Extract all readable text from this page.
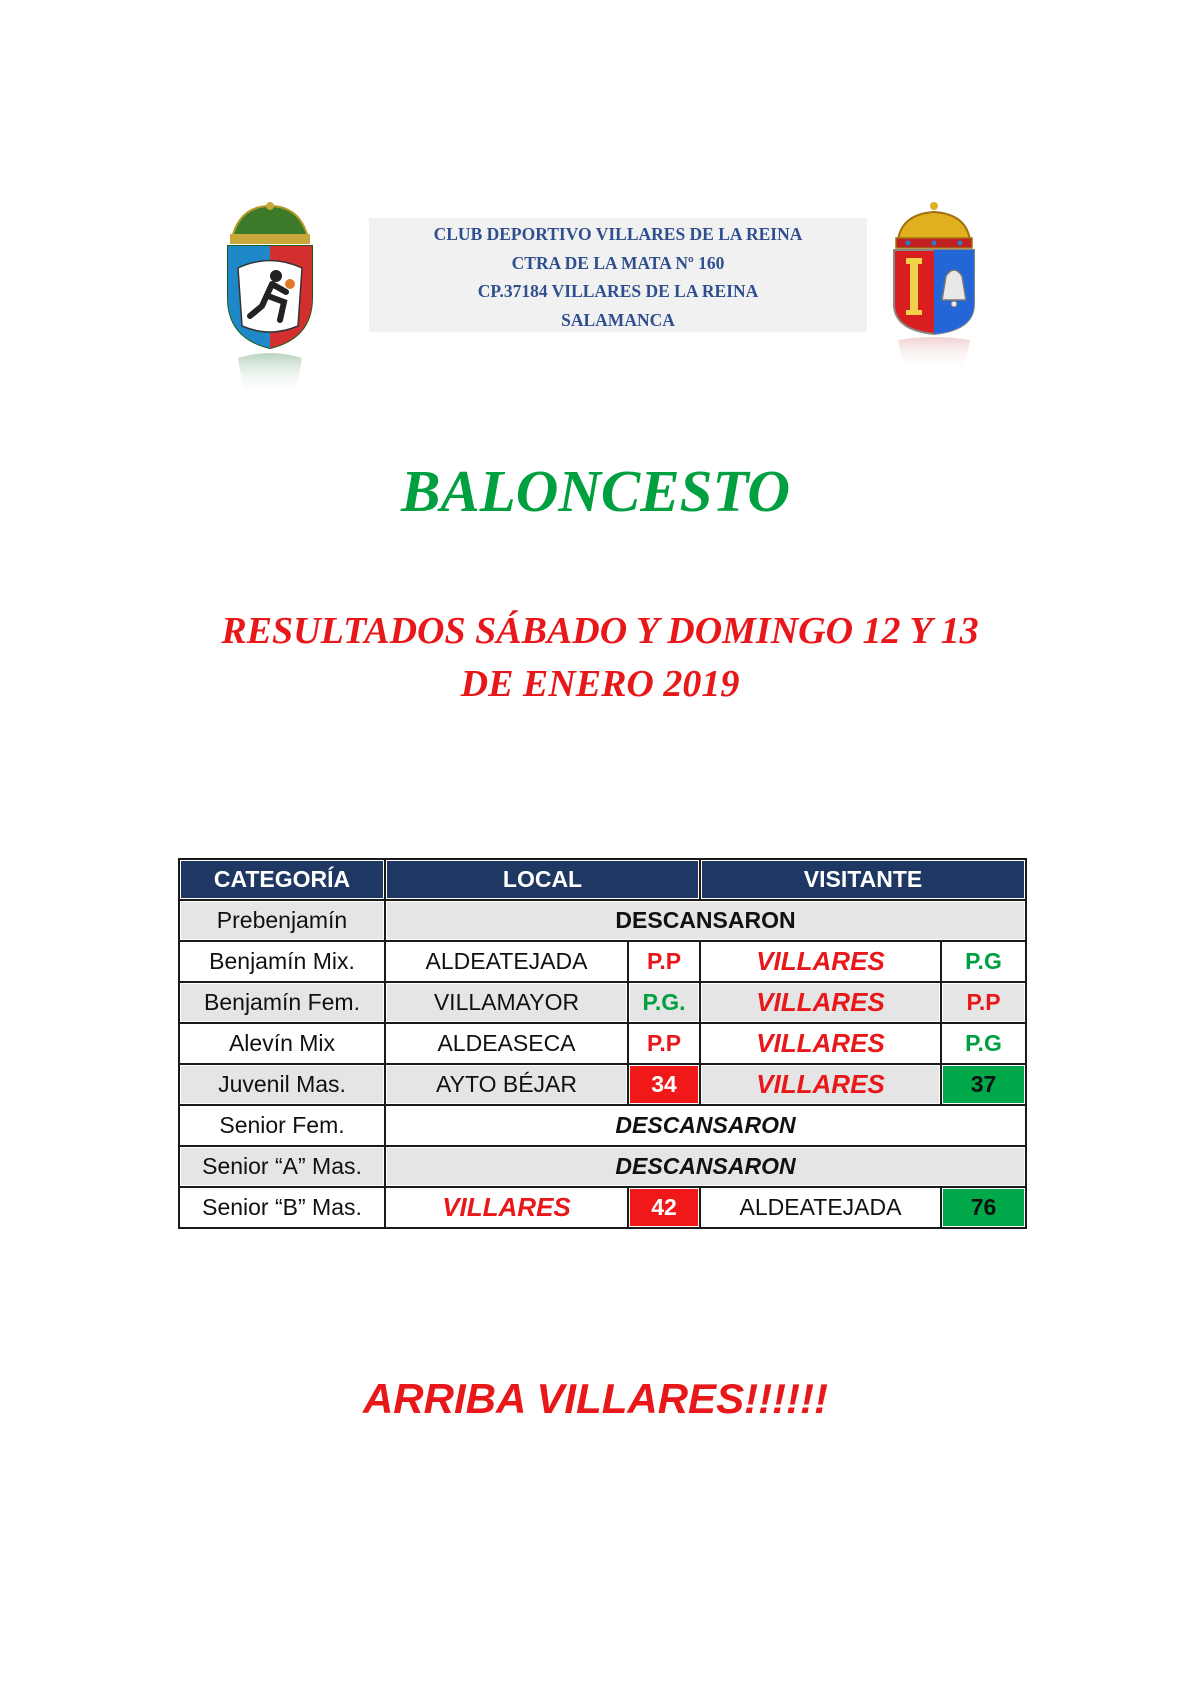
CLUB DEPORTIVO VILLARES DE LA REINA
CTRA DE LA MATA Nº 160
CP.37184 VILLARES DE LA REINA
SALAMANCA
BALONCESTO
RESULTADOS SÁBADO Y DOMINGO 12 Y 13
DE ENERO 2019
CATEGORÍA	LOCAL		VISITANTE	
Prebenjamín	DESCANSARON			
Benjamín Mix.	ALDEATEJADA	P.P	VILLARES	P.G
Benjamín Fem.	VILLAMAYOR	P.G.	VILLARES	P.P
Alevín Mix	ALDEASECA	P.P	VILLARES	P.G
Juvenil Mas.	AYTO BÉJAR	34	VILLARES	37
Senior Fem.	DESCANSARON			
Senior “A” Mas.	DESCANSARON			
Senior “B” Mas.	VILLARES	42	ALDEATEJADA	76
ARRIBA VILLARES!!!!!!
